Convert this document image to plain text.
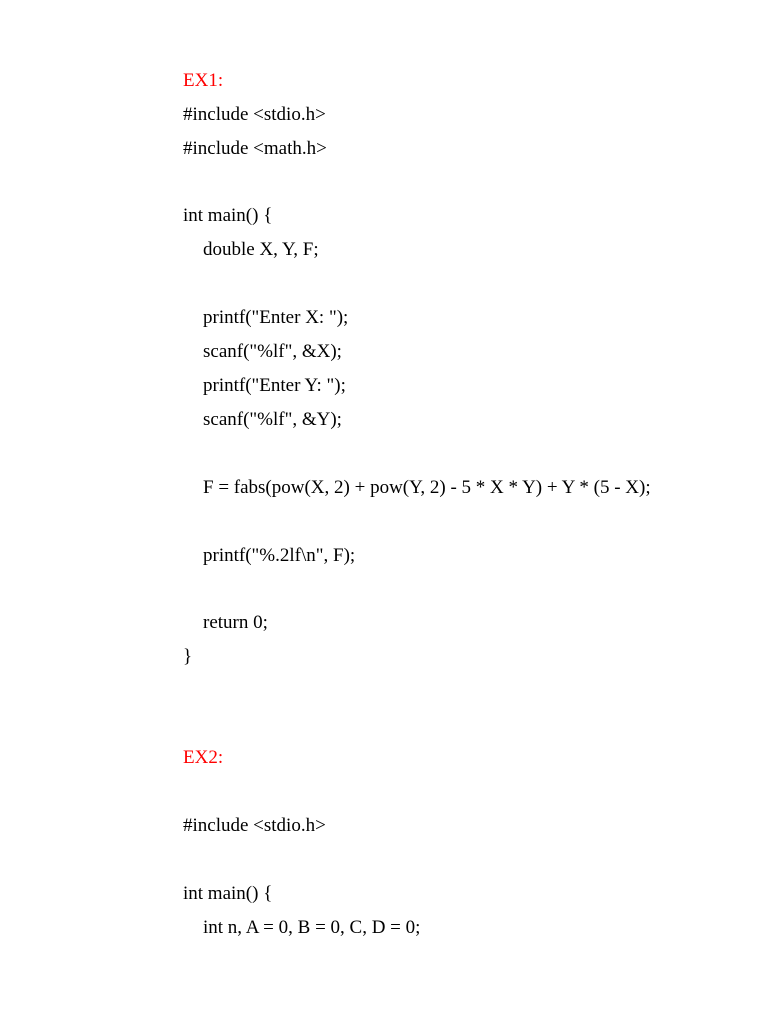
EX1:
#include <stdio.h>
#include <math.h>
int main() {
double X, Y, F;
printf("Enter X: ");
scanf("%lf", &X);
printf("Enter Y: ");
scanf("%lf", &Y);
F = fabs(pow(X, 2) + pow(Y, 2) - 5 * X * Y) + Y * (5 - X);
printf("%.2lf\n", F);
return 0;
}
EX2:
#include <stdio.h>
int main() {
int n, A = 0, B = 0, C, D = 0;
